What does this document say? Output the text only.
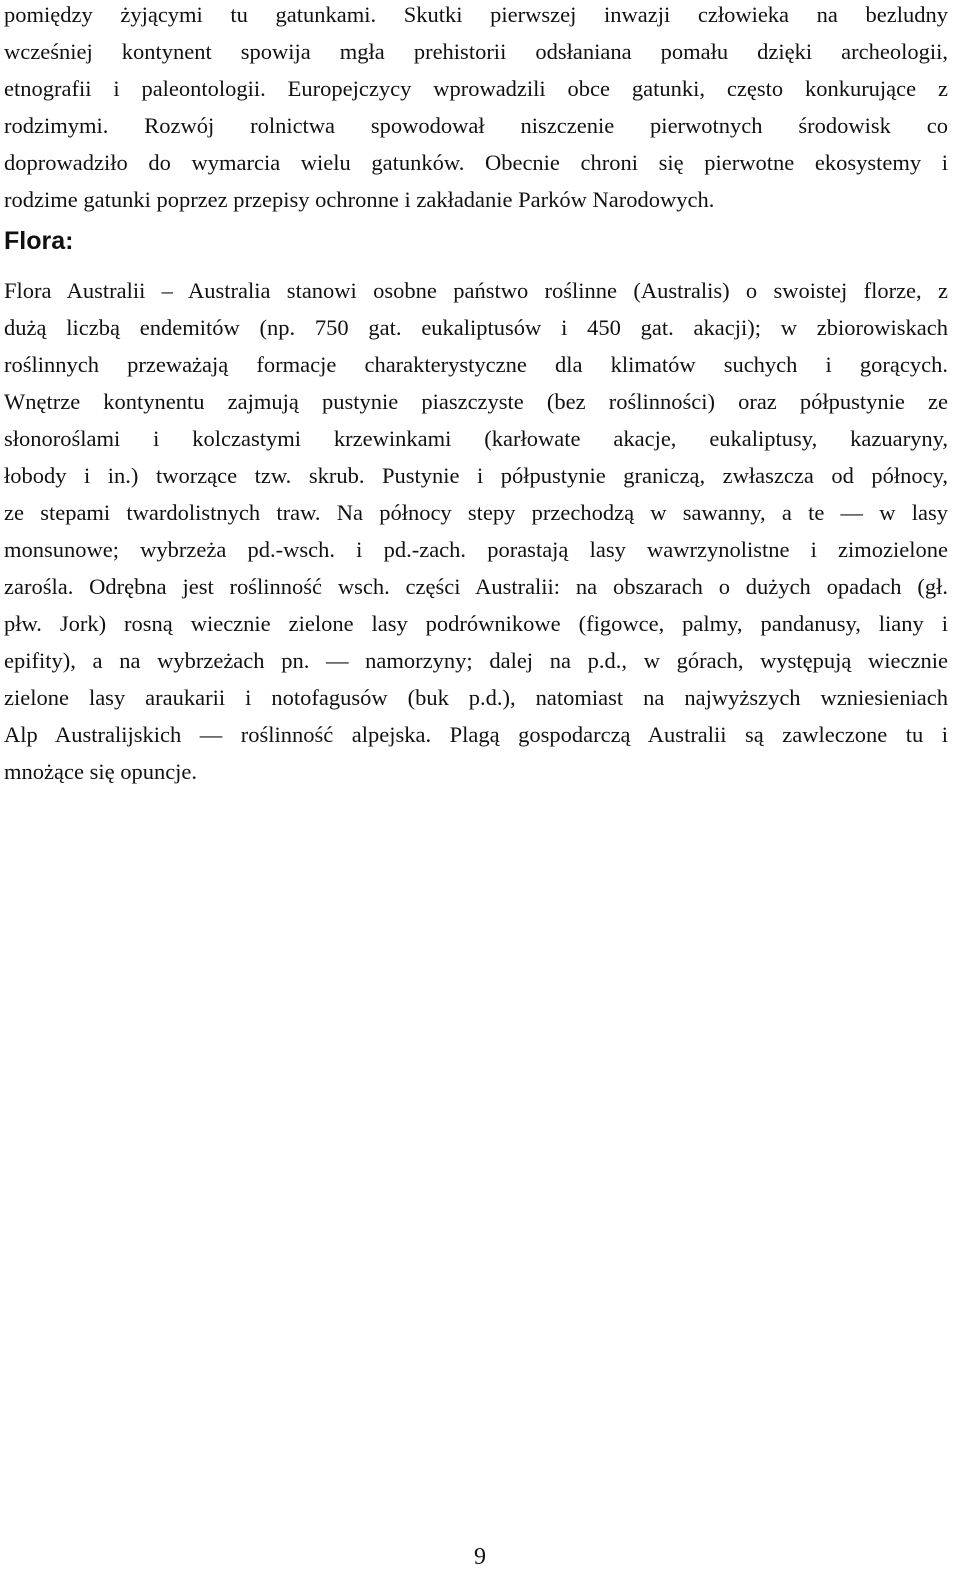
pomiędzy żyjącymi tu gatunkami. Skutki pierwszej inwazji człowieka na bezludny
wcześniej kontynent spowija mgła prehistorii odsłaniana pomału dzięki archeologii,
etnografii i paleontologii. Europejczycy wprowadzili obce gatunki, często konkurujące z
rodzimymi. Rozwój rolnictwa spowodował niszczenie pierwotnych środowisk co
doprowadziło do wymarcia wielu gatunków. Obecnie chroni się pierwotne ekosystemy i
rodzime gatunki poprzez przepisy ochronne i zakładanie Parków Narodowych.
Flora:
Flora Australii – Australia stanowi osobne państwo roślinne (Australis) o swoistej florze, z
dużą liczbą endemitów (np. 750 gat. eukaliptusów i 450 gat. akacji); w zbiorowiskach
roślinnych przeważają formacje charakterystyczne dla klimatów suchych i gorących.
Wnętrze kontynentu zajmują pustynie piaszczyste (bez roślinności) oraz półpustynie ze
słonoroślami i kolczastymi krzewinkami (karłowate akacje, eukaliptusy, kazuaryny,
łobody i in.) tworzące tzw. skrub. Pustynie i półpustynie graniczą, zwłaszcza od północy,
ze stepami twardolistnych traw. Na północy stepy przechodzą w sawanny, a te — w lasy
monsunowe; wybrzeża pd.-wsch. i pd.-zach. porastają lasy wawrzynolistne i zimozielone
zarośla. Odrębna jest roślinność wsch. części Australii: na obszarach o dużych opadach (gł.
płw. Jork) rosną wiecznie zielone lasy podrównikowe (figowce, palmy, pandanusy, liany i
epifity), a na wybrzeżach pn. — namorzyny; dalej na p.d., w górach, występują wiecznie
zielone lasy araukarii i notofagusów (buk p.d.), natomiast na najwyższych wzniesieniach
Alp Australijskich — roślinność alpejska. Plagą gospodarczą Australii są zawleczone tu i
mnożące się opuncje.
9
